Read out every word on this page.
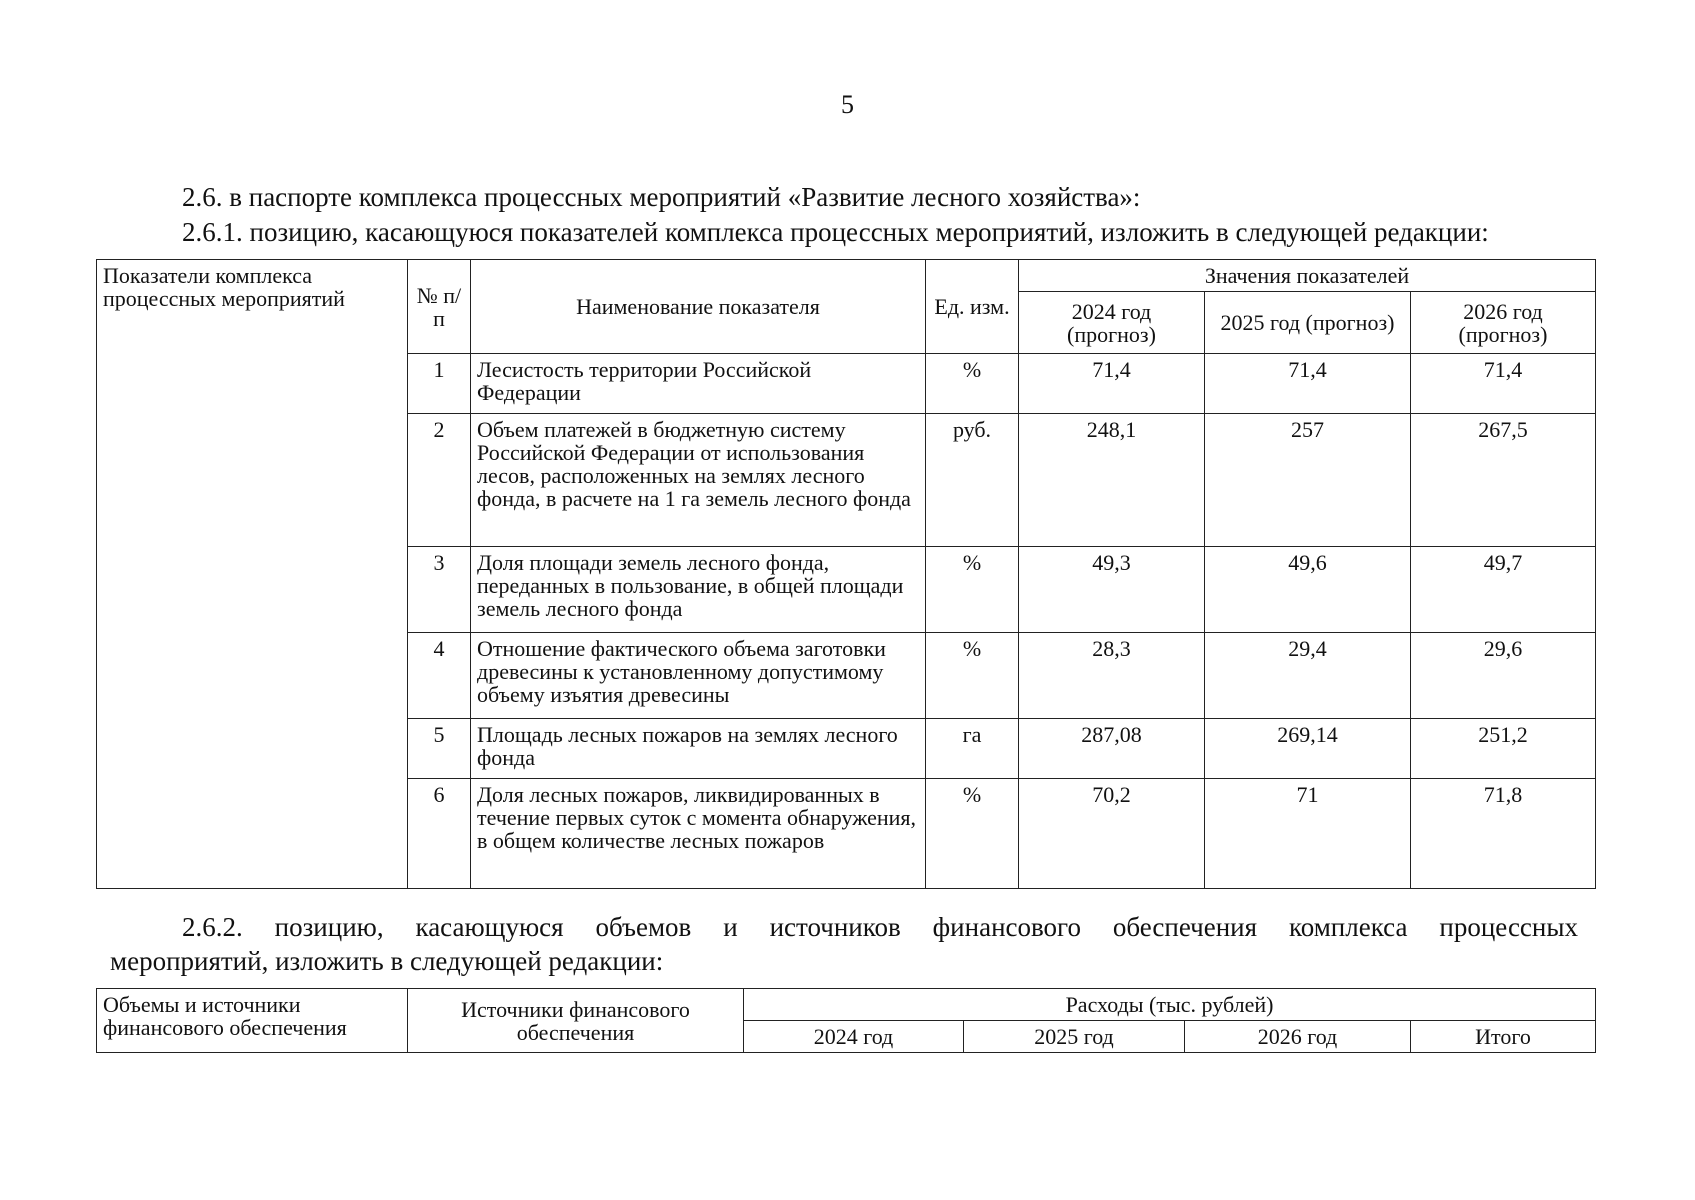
5
2.6. в паспорте комплекса процессных мероприятий «Развитие лесного хозяйства»:
2.6.1. позицию, касающуюся показателей комплекса процессных мероприятий, изложить в следующей редакции:
Показатели комплекса процессных мероприятий	№ п/п	Наименование показателя	Ед. изм.	Значения показателей		
				2024 год (прогноз)	2025 год (прогноз)	2026 год (прогноз)
	1	Лесистость территории Российской Федерации	%	71,4	71,4	71,4
	2	Объем платежей в бюджетную систему Российской Федерации от использования лесов, расположенных на землях лесного фонда, в расчете на 1 га земель лесного фонда	руб.	248,1	257	267,5
	3	Доля площади земель лесного фонда, переданных в пользование, в общей площади земель лесного фонда	%	49,3	49,6	49,7
	4	Отношение фактического объема заготовки древесины к установленному допустимому объему изъятия древесины	%	28,3	29,4	29,6
	5	Площадь лесных пожаров на землях лесного фонда	га	287,08	269,14	251,2
	6	Доля лесных пожаров, ликвидированных в течение первых суток с момента обнаружения, в общем количестве лесных пожаров	%	70,2	71	71,8
2.6.2. позицию, касающуюся объемов и источников финансового обеспечения комплекса процессных
мероприятий, изложить в следующей редакции:
Объемы и источники финансового обеспечения	Источники финансового обеспечения	Расходы (тыс. рублей)			
		2024 год	2025 год	2026 год	Итого
